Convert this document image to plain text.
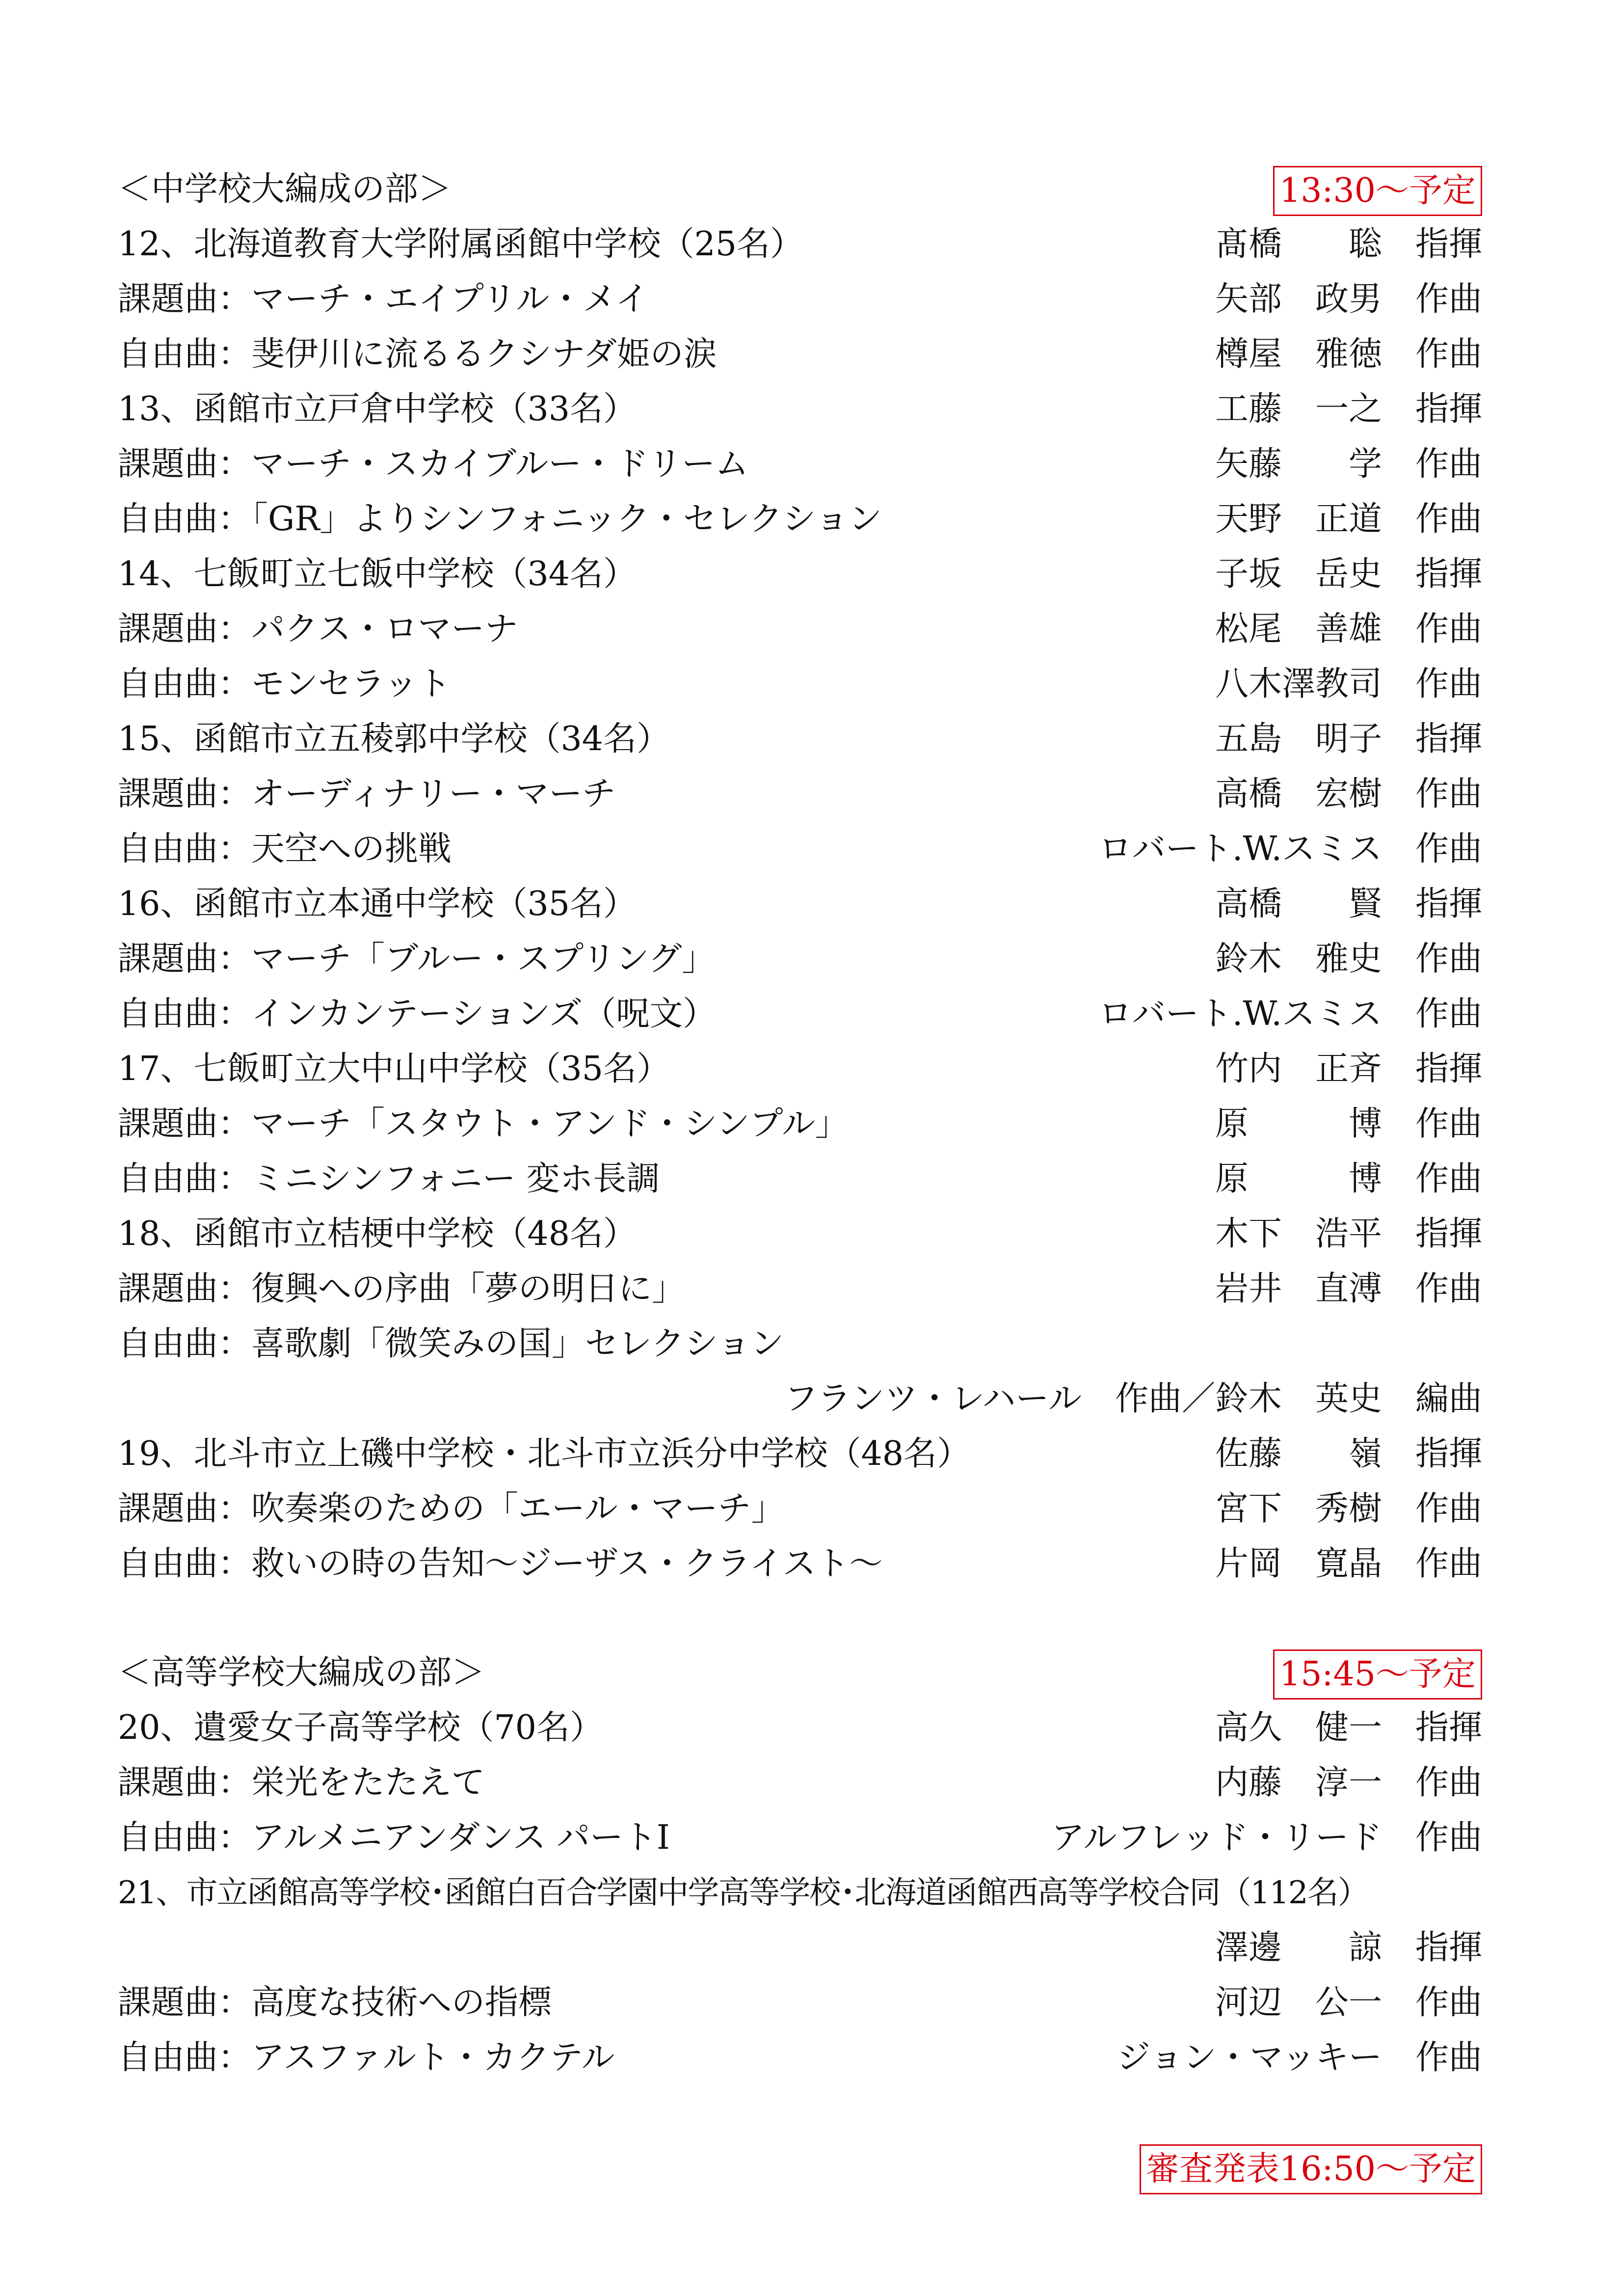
＜中学校大編成の部＞	13:30～予定
12、北海道教育大学附属函館中学校（25名）	髙橋　　聡　 指揮
課題曲：マーチ・エイプリル・メイ	矢部　政男　 作曲
自由曲：斐伊川に流るるクシナダ姫の涙	樽屋　雅徳　 作曲
13、函館市立戸倉中学校（33名）	工藤　一之　 指揮
課題曲：マーチ・スカイブルー・ドリーム	矢藤　　学　 作曲
自由曲：「GR」よりシンフォニック・セレクション	天野　正道　 作曲
14、七飯町立七飯中学校（34名）	子坂　岳史　 指揮
課題曲：パクス・ロマーナ	松尾　善雄　 作曲
自由曲：モンセラット	八木澤教司　 作曲
15、函館市立五稜郭中学校（34名）	五島　明子　 指揮
課題曲：オーディナリー・マーチ	高橋　宏樹　 作曲
自由曲：天空への挑戦	ロバート.W.スミス　 作曲
16、函館市立本通中学校（35名）	高橋　　賢　 指揮
課題曲：マーチ「ブルー・スプリング」	鈴木　雅史　 作曲
自由曲：インカンテーションズ（呪文）	ロバート.W.スミス　 作曲
17、七飯町立大中山中学校（35名）	竹内　正斉　 指揮
課題曲：マーチ「スタウト・アンド・シンプル」	原　　　博　 作曲
自由曲：ミニシンフォニー 変ホ長調	原　　　博　 作曲
18、函館市立桔梗中学校（48名）	木下　浩平　 指揮
課題曲：復興への序曲「夢の明日に」	岩井　直溥　 作曲
自由曲：喜歌劇「微笑みの国」セレクション
フランツ・レハール　作曲／鈴木　英史　 編曲
19、北斗市立上磯中学校・北斗市立浜分中学校（48名）	佐藤　　嶺　 指揮
課題曲：吹奏楽のための「エール・マーチ」	宮下　秀樹　 作曲
自由曲：救いの時の告知～ジーザス・クライスト～	片岡　寛晶　 作曲
＜高等学校大編成の部＞	15:45～予定
20、遺愛女子高等学校（70名）	高久　健一　 指揮
課題曲：栄光をたたえて	内藤　淳一　 作曲
自由曲：アルメニアンダンス パートⅠ	アルフレッド・リード　 作曲
21、市立函館高等学校･函館白百合学園中学高等学校･北海道函館西高等学校合同（112名）
澤邊　　諒　 指揮
課題曲：高度な技術への指標	河辺　公一　 作曲
自由曲：アスファルト・カクテル	ジョン・マッキー　 作曲
審査発表16:50～予定
